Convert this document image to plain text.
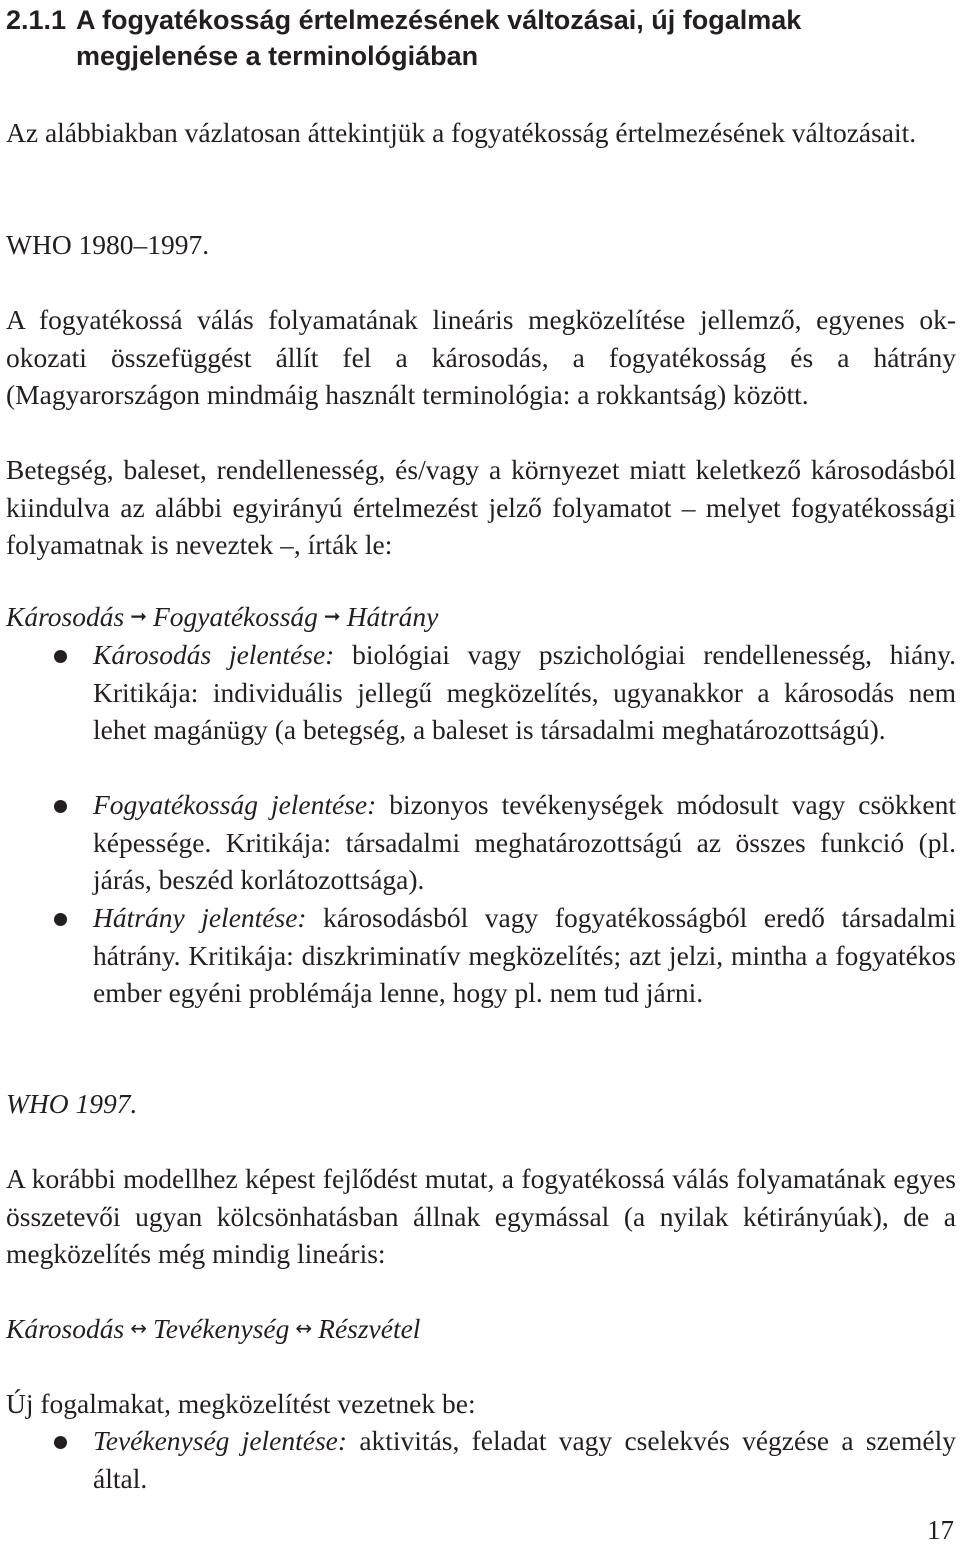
2.1.1 A fogyatékosság értelmezésének változásai, új fogalmak megjelenése a terminológiában
Az alábbiakban vázlatosan áttekintjük a fogyatékosság értelmezésének változásait.
WHO 1980–1997.
A fogyatékossá válás folyamatának lineáris megközelítése jellemző, egyenes ok-okozati összefüggést állít fel a károsodás, a fogyatékosság és a hátrány (Magyarországon mindmáig használt terminológia: a rokkantság) között.
Betegség, baleset, rendellenesség, és/vagy a környezet miatt keletkező károsodásból kiindulva az alábbi egyirányú értelmezést jelző folyamatot – melyet fogyatékossági folyamatnak is neveztek –, írták le:
Károsodás ➞ Fogyatékosság ➞ Hátrány
Károsodás jelentése: biológiai vagy pszichológiai rendellenesség, hiány. Kritikája: individuális jellegű megközelítés, ugyanakkor a károsodás nem lehet magánügy (a betegség, a baleset is társadalmi meghatározottságú).
Fogyatékosság jelentése: bizonyos tevékenységek módosult vagy csökkent képessége. Kritikája: társadalmi meghatározottságú az összes funkció (pl. járás, beszéd korlátozottsága).
Hátrány jelentése: károsodásból vagy fogyatékosságból eredő társadalmi hátrány. Kritikája: diszkriminatív megközelítés; azt jelzi, mintha a fogyatékos ember egyéni problémája lenne, hogy pl. nem tud járni.
WHO 1997.
A korábbi modellhez képest fejlődést mutat, a fogyatékossá válás folyamatának egyes összetevői ugyan kölcsönhatásban állnak egymással (a nyilak kétirányúak), de a megközelítés még mindig lineáris:
Károsodás ↔ Tevékenység ↔ Részvétel
Új fogalmakat, megközelítést vezetnek be:
Tevékenység jelentése: aktivitás, feladat vagy cselekvés végzése a személy által.
17
